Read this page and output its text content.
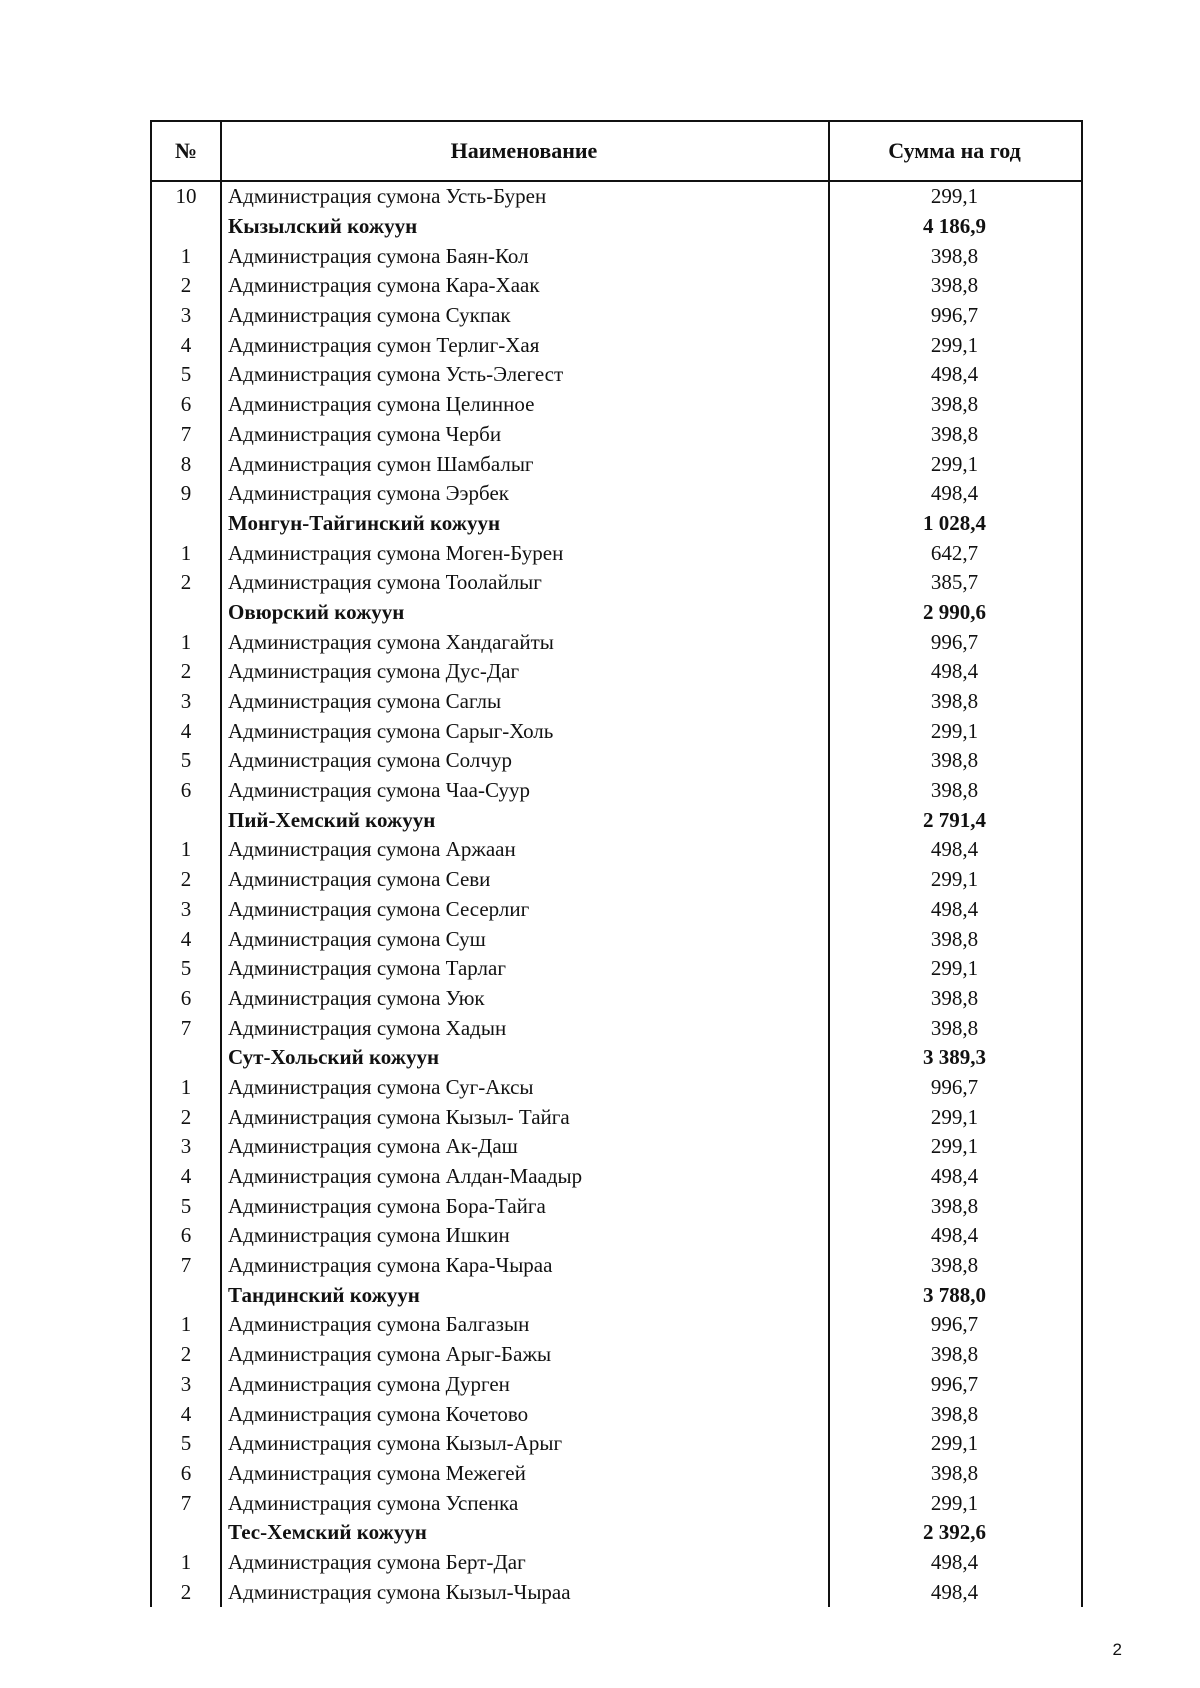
№	Наименование	Сумма на год
10	Администрация сумона Усть-Бурен	299,1
Кызылский кожуун	4 186,9
1	Администрация сумона Баян-Кол	398,8
2	Администрация сумона Кара-Хаак	398,8
3	Администрация сумона Сукпак	996,7
4	Администрация сумон Терлиг-Хая	299,1
5	Администрация сумона Усть-Элегест	498,4
6	Администрация сумона Целинное	398,8
7	Администрация сумона Черби	398,8
8	Администрация сумон Шамбалыг	299,1
9	Администрация сумона Ээрбек	498,4
Монгун-Тайгинский кожуун	1 028,4
1	Администрация сумона Моген-Бурен	642,7
2	Администрация сумона Тоолайлыг	385,7
Овюрский кожуун	2 990,6
1	Администрация сумона Хандагайты	996,7
2	Администрация сумона Дус-Даг	498,4
3	Администрация сумона Саглы	398,8
4	Администрация сумона Сарыг-Холь	299,1
5	Администрация сумона Солчур	398,8
6	Администрация сумона Чаа-Суур	398,8
Пий-Хемский кожуун	2 791,4
1	Администрация сумона Аржаан	498,4
2	Администрация сумона Севи	299,1
3	Администрация сумона Сесерлиг	498,4
4	Администрация сумона Суш	398,8
5	Администрация сумона Тарлаг	299,1
6	Администрация сумона Уюк	398,8
7	Администрация сумона Хадын	398,8
Сут-Хольский кожуун	3 389,3
1	Администрация сумона Суг-Аксы	996,7
2	Администрация сумона Кызыл- Тайга	299,1
3	Администрация сумона Ак-Даш	299,1
4	Администрация сумона Алдан-Маадыр	498,4
5	Администрация сумона Бора-Тайга	398,8
6	Администрация сумона Ишкин	498,4
7	Администрация сумона Кара-Чыраа	398,8
Тандинский кожуун	3 788,0
1	Администрация сумона Балгазын	996,7
2	Администрация сумона Арыг-Бажы	398,8
3	Администрация сумона Дурген	996,7
4	Администрация сумона Кочетово	398,8
5	Администрация сумона Кызыл-Арыг	299,1
6	Администрация сумона Межегей	398,8
7	Администрация сумона Успенка	299,1
Тес-Хемский кожуун	2 392,6
1	Администрация сумона Берт-Даг	498,4
2	Администрация сумона Кызыл-Чыраа	498,4
2
